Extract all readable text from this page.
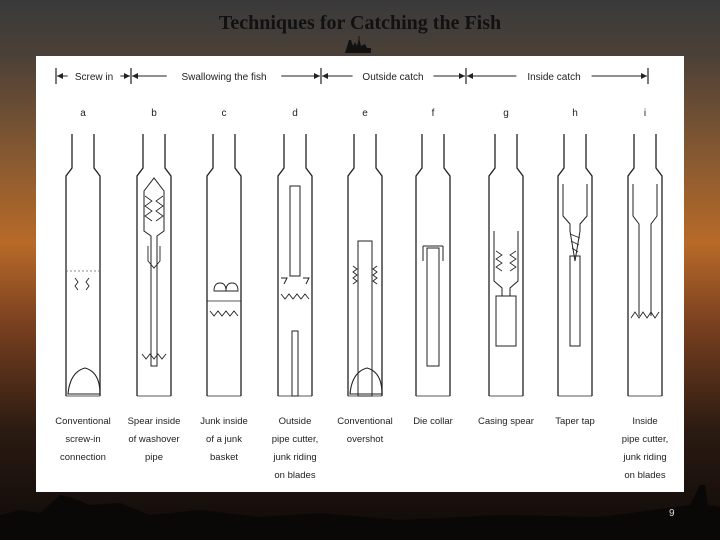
Techniques for Catching the Fish
Screw in	Swallowing the fish	Outside catch	Inside catch
a
Conventional
screw-in
connection
b
Spear inside
of washover
pipe
c
Junk inside
of a junk
basket
d
Outside
pipe cutter,
junk riding
on blades
e
Conventional
overshot
f
Die collar
g
Casing spear
h
Taper tap
i
Inside
pipe cutter,
junk riding
on blades
9
